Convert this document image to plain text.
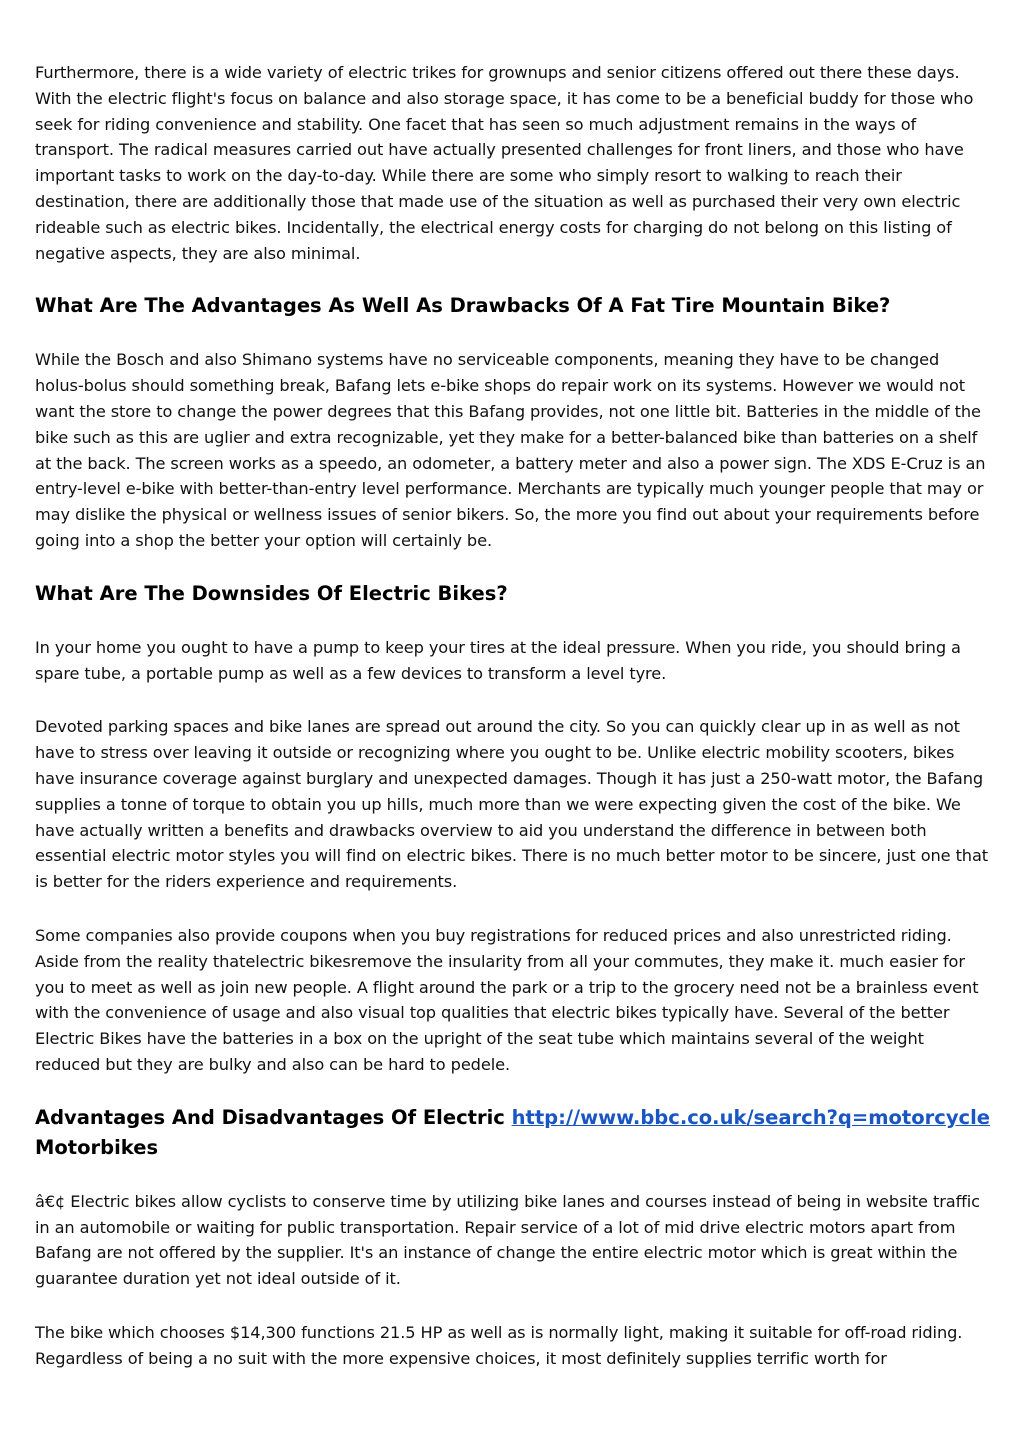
Furthermore, there is a wide variety of electric trikes for grownups and senior citizens offered out there these days. With the electric flight's focus on balance and also storage space, it has come to be a beneficial buddy for those who seek for riding convenience and stability. One facet that has seen so much adjustment remains in the ways of transport. The radical measures carried out have actually presented challenges for front liners, and those who have important tasks to work on the day-to-day. While there are some who simply resort to walking to reach their destination, there are additionally those that made use of the situation as well as purchased their very own electric rideable such as electric bikes. Incidentally, the electrical energy costs for charging do not belong on this listing of negative aspects, they are also minimal.

What Are The Advantages As Well As Drawbacks Of A Fat Tire Mountain Bike?

While the Bosch and also Shimano systems have no serviceable components, meaning they have to be changed holus-bolus should something break, Bafang lets e-bike shops do repair work on its systems. However we would not want the store to change the power degrees that this Bafang provides, not one little bit. Batteries in the middle of the bike such as this are uglier and extra recognizable, yet they make for a better-balanced bike than batteries on a shelf at the back. The screen works as a speedo, an odometer, a battery meter and also a power sign. The XDS E-Cruz is an entry-level e-bike with better-than-entry level performance. Merchants are typically much younger people that may or may dislike the physical or wellness issues of senior bikers. So, the more you find out about your requirements before going into a shop the better your option will certainly be.

What Are The Downsides Of Electric Bikes?

In your home you ought to have a pump to keep your tires at the ideal pressure. When you ride, you should bring a spare tube, a portable pump as well as a few devices to transform a level tyre.

Devoted parking spaces and bike lanes are spread out around the city. So you can quickly clear up in as well as not have to stress over leaving it outside or recognizing where you ought to be. Unlike electric mobility scooters, bikes have insurance coverage against burglary and unexpected damages. Though it has just a 250-watt motor, the Bafang supplies a tonne of torque to obtain you up hills, much more than we were expecting given the cost of the bike. We have actually written a benefits and drawbacks overview to aid you understand the difference in between both essential electric motor styles you will find on electric bikes. There is no much better motor to be sincere, just one that is better for the riders experience and requirements.

Some companies also provide coupons when you buy registrations for reduced prices and also unrestricted riding. Aside from the reality thatelectric bikesremove the insularity from all your commutes, they make it. much easier for you to meet as well as join new people. A flight around the park or a trip to the grocery need not be a brainless event with the convenience of usage and also visual top qualities that electric bikes typically have. Several of the better Electric Bikes have the batteries in a box on the upright of the seat tube which maintains several of the weight reduced but they are bulky and also can be hard to pedele.

Advantages And Disadvantages Of Electric http://www.bbc.co.uk/search?q=motorcycle Motorbikes

â€¢ Electric bikes allow cyclists to conserve time by utilizing bike lanes and courses instead of being in website traffic in an automobile or waiting for public transportation. Repair service of a lot of mid drive electric motors apart from Bafang are not offered by the supplier. It's an instance of change the entire electric motor which is great within the guarantee duration yet not ideal outside of it.

The bike which chooses $14,300 functions 21.5 HP as well as is normally light, making it suitable for off-road riding. Regardless of being a no suit with the more expensive choices, it most definitely supplies terrific worth for
